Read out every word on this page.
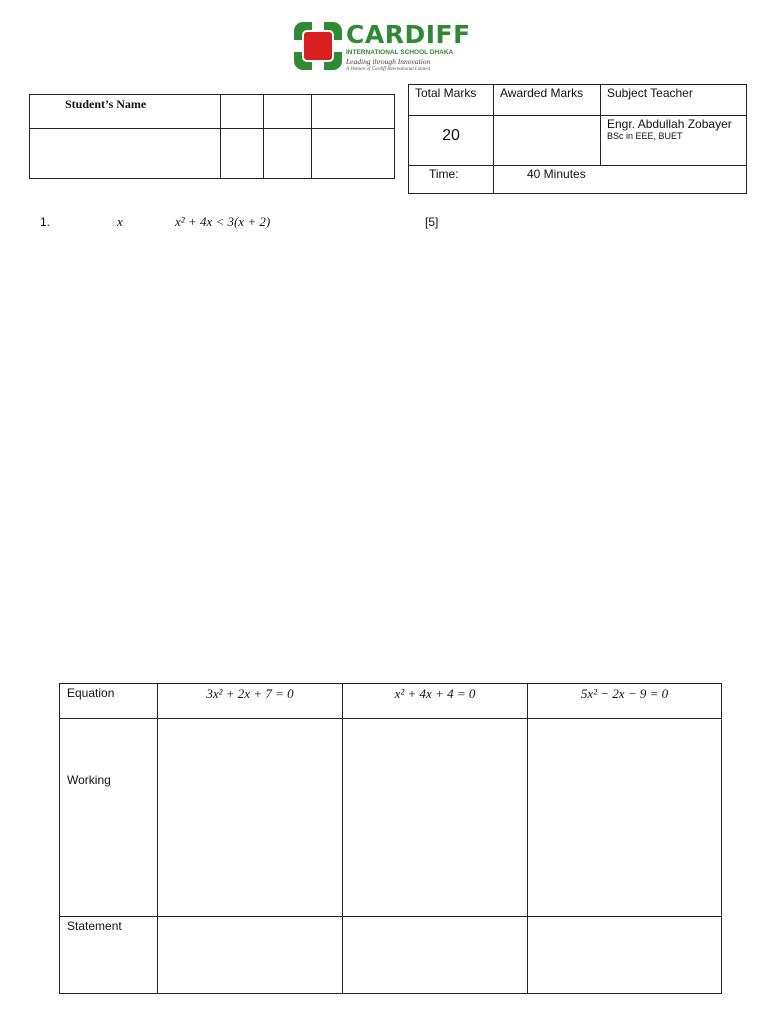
CARDIFF
INTERNATIONAL SCHOOL DHAKA
Leading through Innovation
A Venture of Cardiff International Limited
Student’s Name			

Total Marks	Awarded Marks	Subject Teacher

20		Engr. Abdullah Zobayer
BSc in EEE, BUET

Time:	40 Minutes	
1.	x	x² + 4x < 3(x + 2)	[5]
Equation	3x² + 2x + 7 = 0	x² + 4x + 4 = 0	5x² − 2x − 9 = 0

Working			

Statement			
